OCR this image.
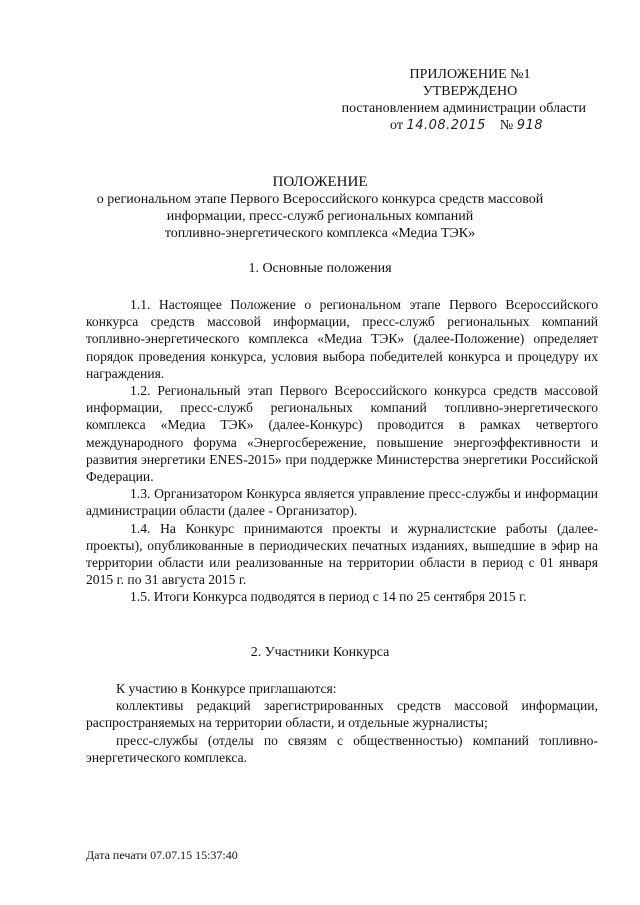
ПРИЛОЖЕНИЕ №1
УТВЕРЖДЕНО
постановлением администрации области
от 14.08.2015 № 918
ПОЛОЖЕНИЕ
о региональном этапе Первого Всероссийского конкурса средств массовой
информации, пресс-служб региональных компаний
топливно-энергетического комплекса «Медиа ТЭК»
1. Основные положения

1.1. Настоящее Положение о региональном этапе Первого Всероссийского конкурса средств массовой информации, пресс-служб региональных компаний топливно-энергетического комплекса «Медиа ТЭК» (далее-Положение) определяет порядок проведения конкурса, условия выбора победителей конкурса и процедуру их награждения.

1.2. Региональный этап Первого Всероссийского конкурса средств массовой информации, пресс-служб региональных компаний топливно-энергетического комплекса «Медиа ТЭК» (далее-Конкурс) проводится в рамках четвертого международного форума «Энергосбережение, повышение энергоэффективности и развития энергетики ENES-2015» при поддержке Министерства энергетики Российской Федерации.

1.3. Организатором Конкурса является управление пресс-службы и информации администрации области (далее - Организатор).

1.4. На Конкурс принимаются проекты и журналистские работы (далее-проекты), опубликованные в периодических печатных изданиях, вышедшие в эфир на территории области или реализованные на территории области в период с 01 января 2015 г. по 31 августа 2015 г.

1.5. Итоги Конкурса подводятся в период с 14 по 25 сентября 2015 г.

2. Участники Конкурса

К участию в Конкурсе приглашаются:

коллективы редакций зарегистрированных средств массовой информации, распространяемых на территории области, и отдельные журналисты;

пресс-службы (отделы по связям с общественностью) компаний топливно-энергетического комплекса.

Дата печати 07.07.15 15:37:40
